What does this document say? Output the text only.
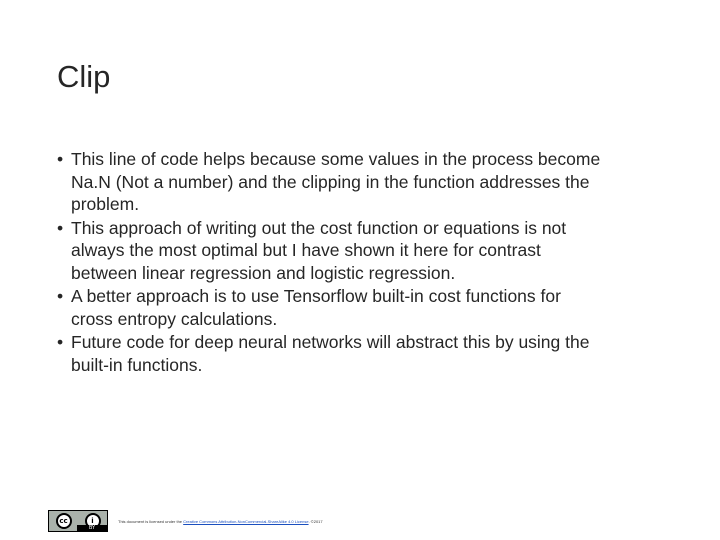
Clip
• This line of code helps because some values in the process become
Na.N (Not a number) and the clipping in the function addresses the
problem.
• This approach of writing out the cost function or equations is not
always the most optimal but I have shown it here for contrast
between linear regression and logistic regression.
• A better approach is to use Tensorflow built-in cost functions for
cross entropy calculations.
• Future code for deep neural networks will abstract this by using the
built-in functions.
cc	i
BY
This document is licensed under the Creative Commons Attribution-NonCommercial-ShareAlike 4.0 License. ©2017
